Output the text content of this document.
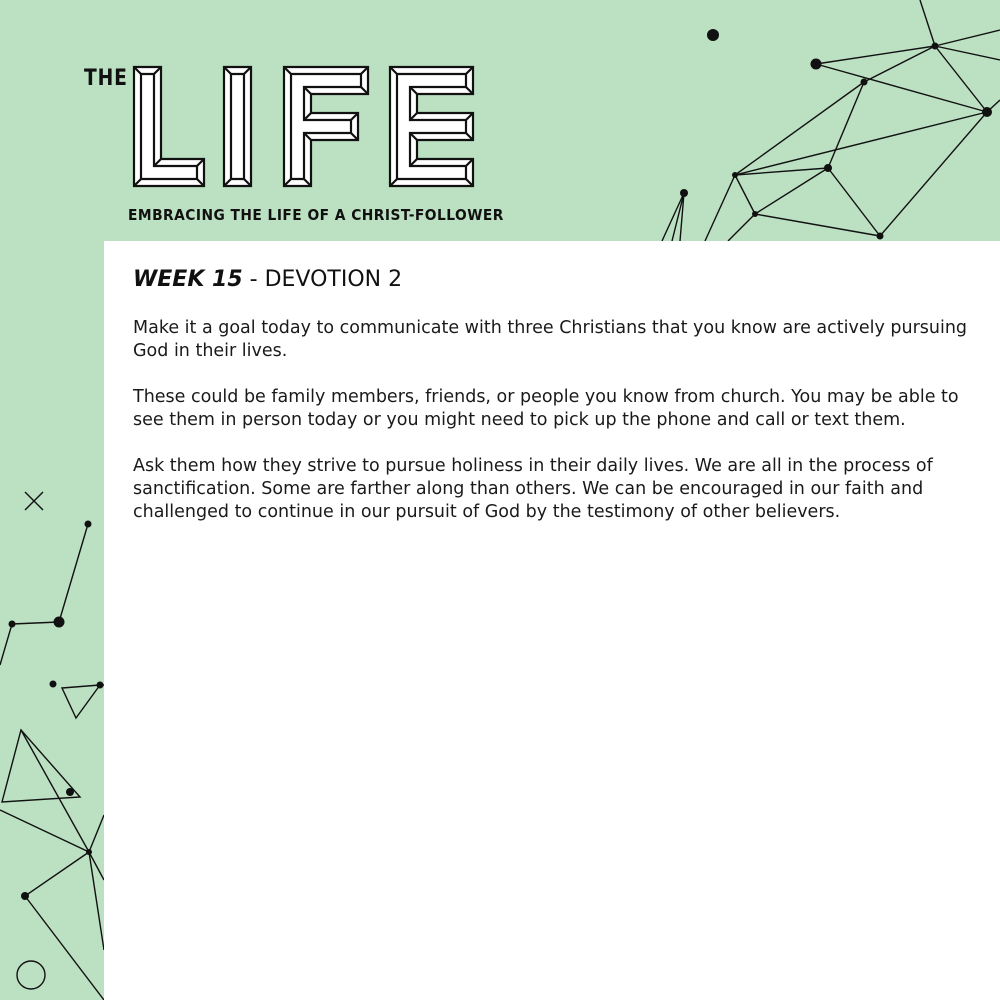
THE
EMBRACING THE LIFE OF A CHRIST-FOLLOWER
WEEK 15 - DEVOTION 2

Make it a goal today to communicate with three Christians that you know are actively pursuing God in their lives.

These could be family members, friends, or people you know from church. You may be able to see them in person today or you might need to pick up the phone and call or text them.

Ask them how they strive to pursue holiness in their daily lives. We are all in the process of sanctification. Some are farther along than others. We can be encouraged in our faith and challenged to continue in our pursuit of God by the testimony of other believers.
